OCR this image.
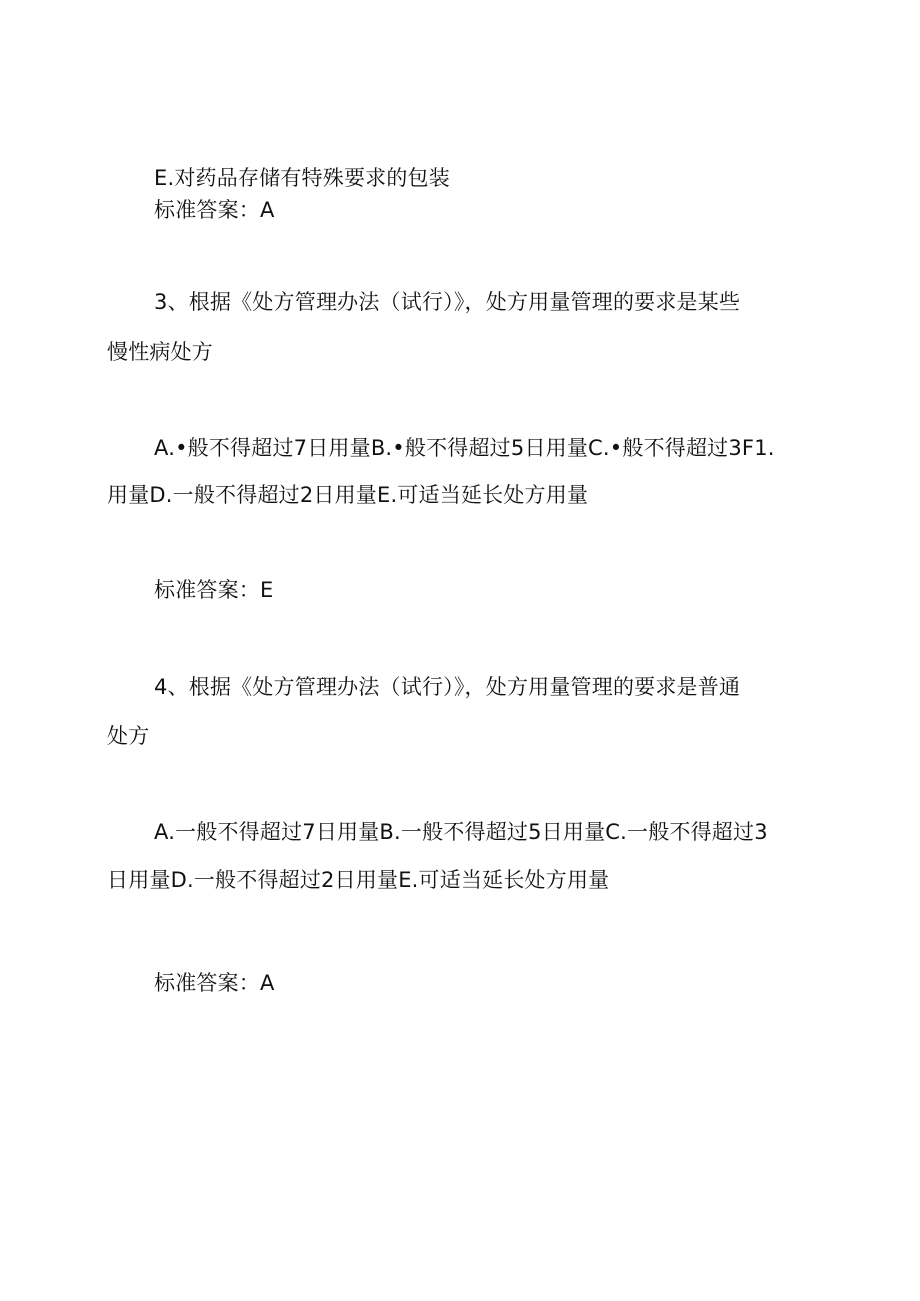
E.对药品存储有特殊要求的包装
标准答案：A
3、根据《处方管理办法（试行）》，处方用量管理的要求是某些
慢性病处方
A.•般不得超过7日用量B.•般不得超过5日用量C.•般不得超过3F1.
用量D.一般不得超过2日用量E.可适当延长处方用量
标准答案：E
4、根据《处方管理办法（试行）》，处方用量管理的要求是普通
处方
A.一般不得超过7日用量B.一般不得超过5日用量C.一般不得超过3
日用量D.一般不得超过2日用量E.可适当延长处方用量
标准答案：A
